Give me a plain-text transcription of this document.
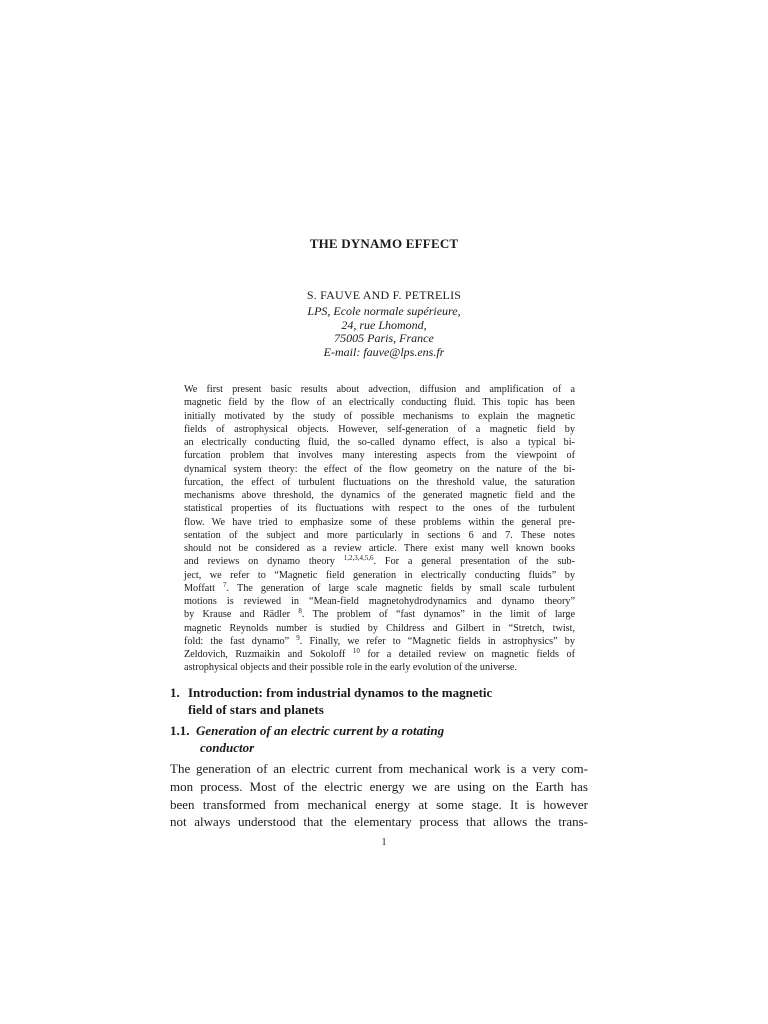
THE DYNAMO EFFECT
S. FAUVE AND F. PETRELIS
LPS, Ecole normale supérieure,
24, rue Lhomond,
75005 Paris, France
E-mail: fauve@lps.ens.fr
We first present basic results about advection, diffusion and amplification of a
magnetic field by the flow of an electrically conducting fluid. This topic has been
initially motivated by the study of possible mechanisms to explain the magnetic
fields of astrophysical objects. However, self-generation of a magnetic field by
an electrically conducting fluid, the so-called dynamo effect, is also a typical bi-
furcation problem that involves many interesting aspects from the viewpoint of
dynamical system theory: the effect of the flow geometry on the nature of the bi-
furcation, the effect of turbulent fluctuations on the threshold value, the saturation
mechanisms above threshold, the dynamics of the generated magnetic field and the
statistical properties of its fluctuations with respect to the ones of the turbulent
flow. We have tried to emphasize some of these problems within the general pre-
sentation of the subject and more particularly in sections 6 and 7. These notes
should not be considered as a review article. There exist many well known books
and reviews on dynamo theory $^{1,2,3,4,5,6}$. For a general presentation of the sub-
ject, we refer to “Magnetic field generation in electrically conducting fluids” by
Moffatt $^7$. The generation of large scale magnetic fields by small scale turbulent
motions is reviewed in “Mean-field magnetohydrodynamics and dynamo theory”
by Krause and Rädler $^8$. The problem of “fast dynamos” in the limit of large
magnetic Reynolds number is studied by Childress and Gilbert in “Stretch, twist,
fold: the fast dynamo” $^9$. Finally, we refer to “Magnetic fields in astrophysics” by
Zeldovich, Ruzmaikin and Sokoloff $^{10}$ for a detailed review on magnetic fields of
astrophysical objects and their possible role in the early evolution of the universe.
1. Introduction: from industrial dynamos to the magnetic
field of stars and planets
1.1. Generation of an electric current by a rotating
conductor
The generation of an electric current from mechanical work is a very com-
mon process. Most of the electric energy we are using on the Earth has
been transformed from mechanical energy at some stage. It is however
not always understood that the elementary process that allows the trans-
1
